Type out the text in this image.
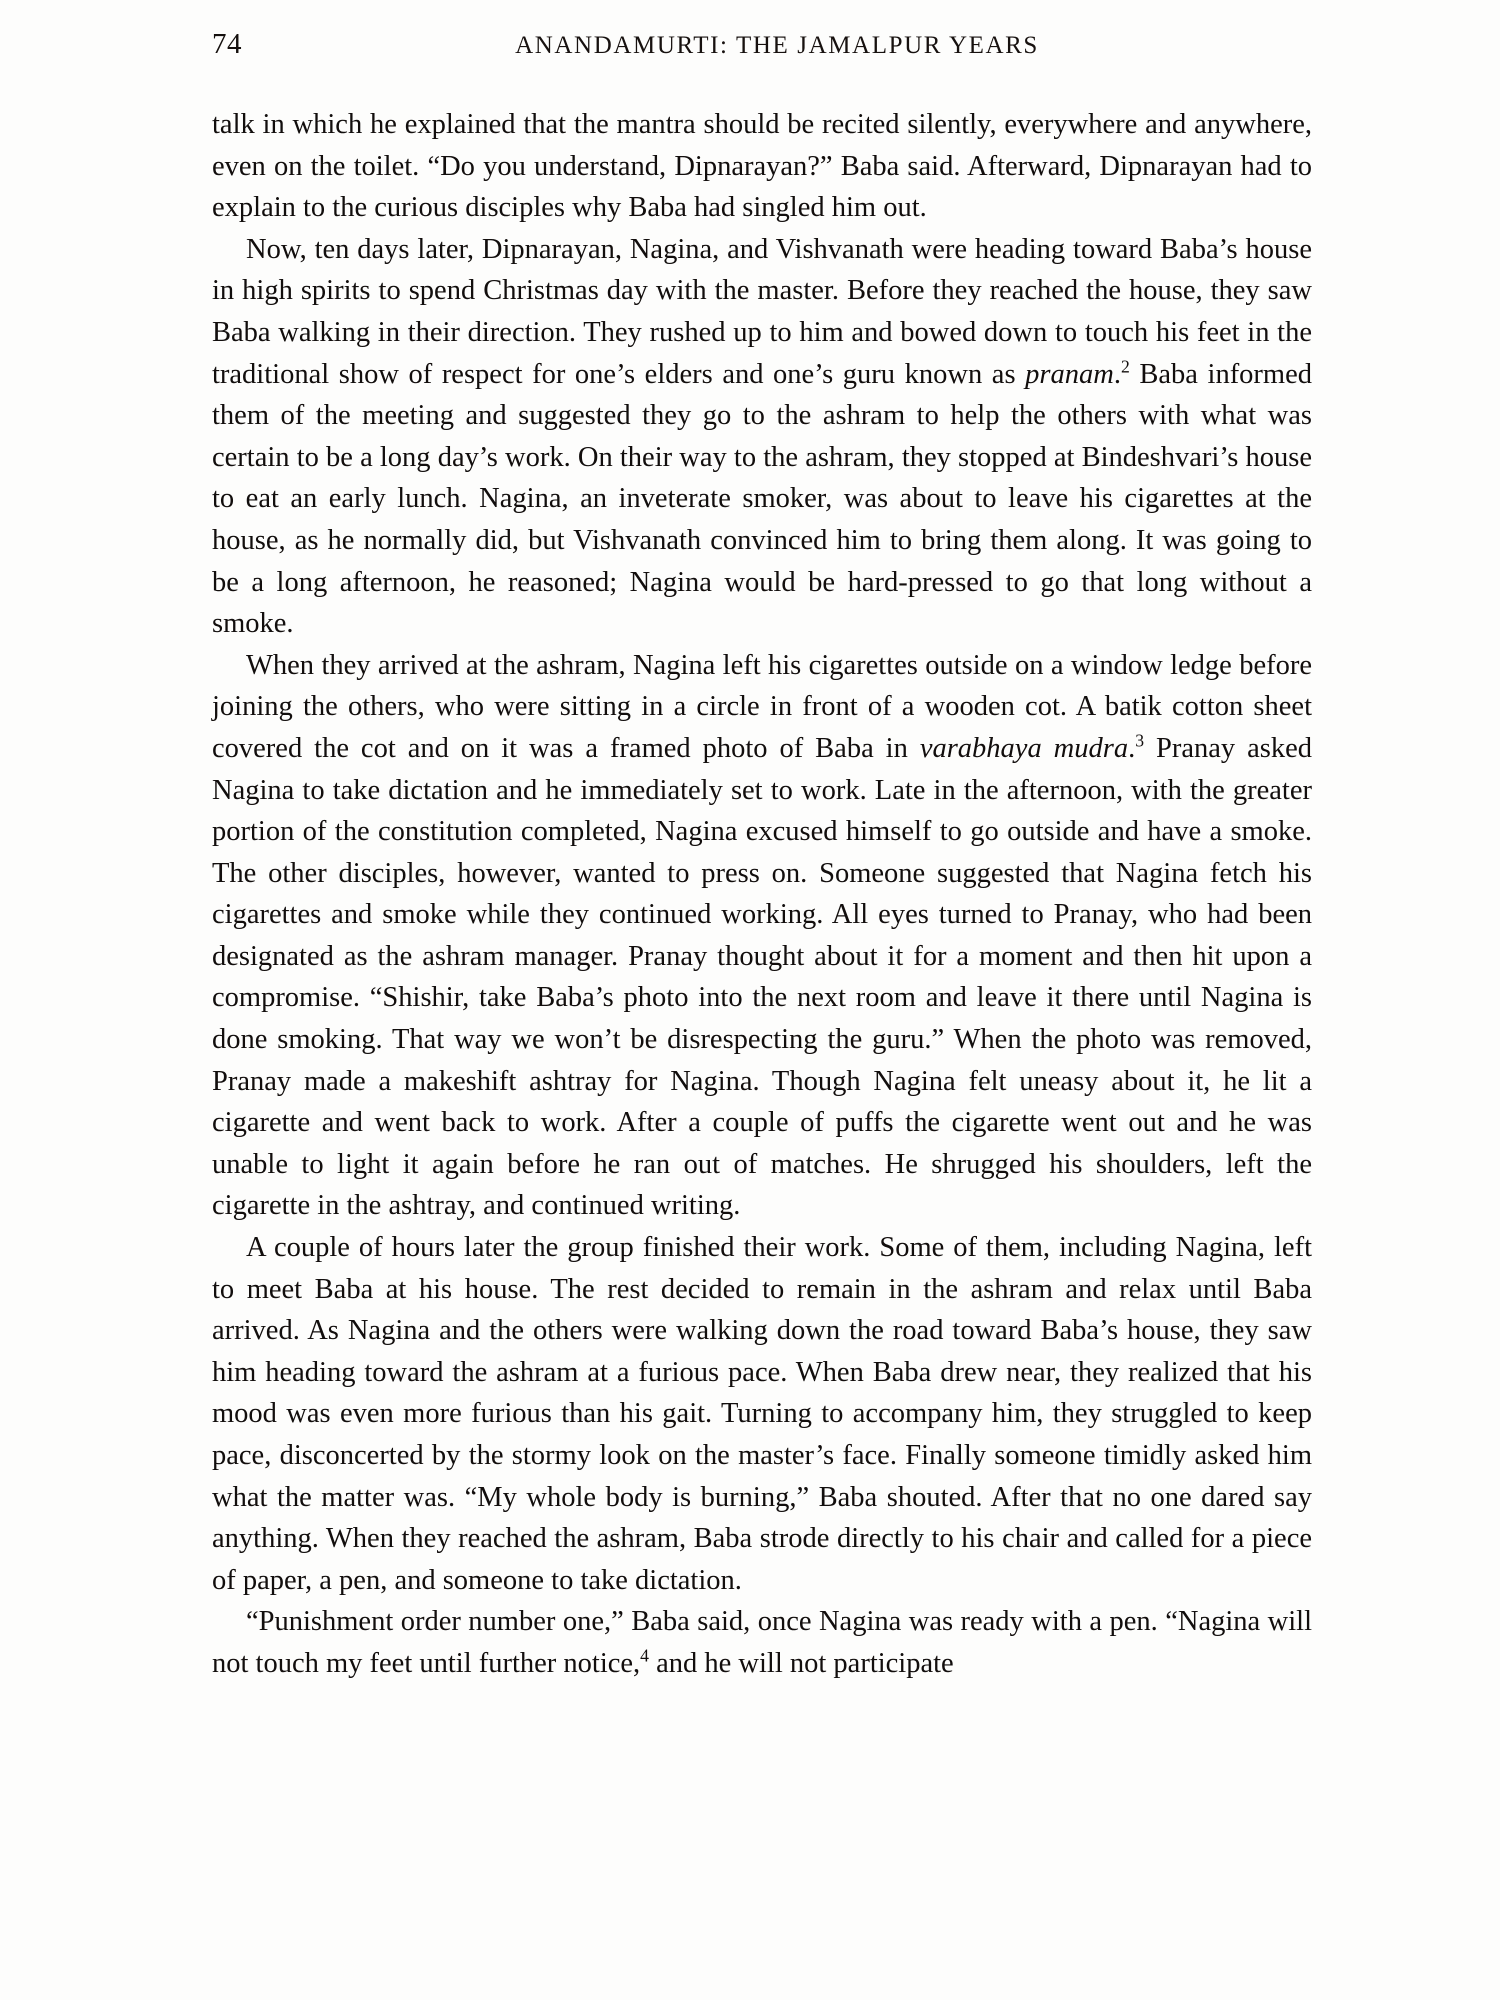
74	ANANDAMURTI: THE JAMALPUR YEARS

talk in which he explained that the mantra should be recited silently, everywhere and anywhere, even on the toilet. “Do you understand, Dipnarayan?” Baba said. Afterward, Dipnarayan had to explain to the curious disciples why Baba had singled him out.

Now, ten days later, Dipnarayan, Nagina, and Vishvanath were heading toward Baba’s house in high spirits to spend Christmas day with the master. Before they reached the house, they saw Baba walking in their direction. They rushed up to him and bowed down to touch his feet in the traditional show of respect for one’s elders and one’s guru known as pranam.$^2$ Baba informed them of the meeting and suggested they go to the ashram to help the others with what was certain to be a long day’s work. On their way to the ashram, they stopped at Bindeshvari’s house to eat an early lunch. Nagina, an inveterate smoker, was about to leave his cigarettes at the house, as he normally did, but Vishvanath convinced him to bring them along. It was going to be a long afternoon, he reasoned; Nagina would be hard-pressed to go that long without a smoke.

When they arrived at the ashram, Nagina left his cigarettes outside on a window ledge before joining the others, who were sitting in a circle in front of a wooden cot. A batik cotton sheet covered the cot and on it was a framed photo of Baba in varabhaya mudra.$^3$ Pranay asked Nagina to take dictation and he immediately set to work. Late in the afternoon, with the greater portion of the constitution completed, Nagina excused himself to go outside and have a smoke. The other disciples, however, wanted to press on. Someone suggested that Nagina fetch his cigarettes and smoke while they continued working. All eyes turned to Pranay, who had been designated as the ashram manager. Pranay thought about it for a moment and then hit upon a compromise. “Shishir, take Baba’s photo into the next room and leave it there until Nagina is done smoking. That way we won’t be disrespecting the guru.” When the photo was removed, Pranay made a makeshift ashtray for Nagina. Though Nagina felt uneasy about it, he lit a cigarette and went back to work. After a couple of puffs the cigarette went out and he was unable to light it again before he ran out of matches. He shrugged his shoulders, left the cigarette in the ashtray, and continued writing.

A couple of hours later the group finished their work. Some of them, including Nagina, left to meet Baba at his house. The rest decided to remain in the ashram and relax until Baba arrived. As Nagina and the others were walking down the road toward Baba’s house, they saw him heading toward the ashram at a furious pace. When Baba drew near, they realized that his mood was even more furious than his gait. Turning to accompany him, they struggled to keep pace, disconcerted by the stormy look on the master’s face. Finally someone timidly asked him what the matter was. “My whole body is burning,” Baba shouted. After that no one dared say anything. When they reached the ashram, Baba strode directly to his chair and called for a piece of paper, a pen, and someone to take dictation.

“Punishment order number one,” Baba said, once Nagina was ready with a pen. “Nagina will not touch my feet until further notice,$^4$ and he will not participate
